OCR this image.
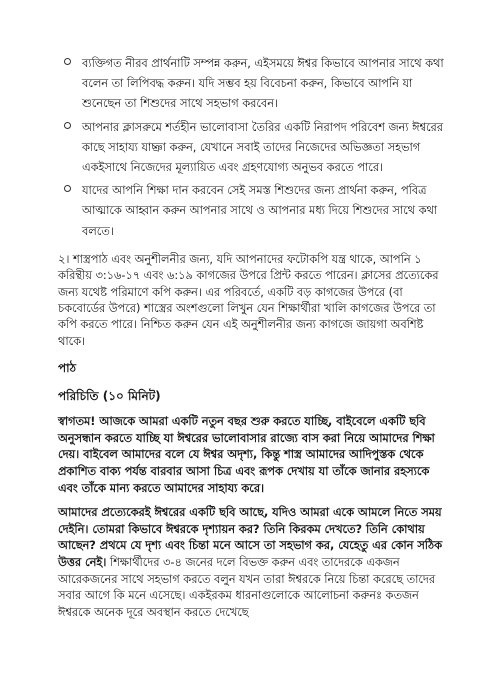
ব্যক্তিগত নীরব প্রার্থনাটি সম্পন্ন করুন, এইসময়ে ঈশ্বর কিভাবে আপনার সাথে কথা বলেন তা লিপিবদ্ধ করুন। যদি সম্ভব হয় বিবেচনা করুন, কিভাবে আপনি যা শুনেছেন তা শিশুদের সাথে সহভাগ করবেন।
আপনার ক্লাসরুমে শর্তহীন ভালোবাসা তৈরির একটি নিরাপদ পরিবেশ জন্য ঈশ্বরের কাছে সাহায্য যাচ্ঞা করুন, যেখানে সবাই তাদের নিজেদের অভিজ্ঞতা সহভাগ একইসাথে নিজেদের মূল্যায়িত এবং গ্রহণযোগ্য অনুভব করতে পারে।
যাদের আপনি শিক্ষা দান করবেন সেই সমস্ত শিশুদের জন্য প্রার্থনা করুন, পবিত্র আত্মাকে আহ্বান করুন আপনার সাথে ও আপনার মধ্য দিয়ে শিশুদের সাথে কথা বলতে।

২। শাস্ত্রপাঠ এবং অনুশীলনীর জন্য, যদি আপনাদের ফটোকপি যন্ত্র থাকে, আপনি ১ করিন্থীয় ৩:১৬-১৭ এবং ৬:১৯ কাগজের উপরে প্রিন্ট করতে পারেন। ক্লাসের প্রত্যেকের জন্য যথেষ্ট পরিমাণে কপি করুন। এর পরিবর্তে, একটি বড় কাগজের উপরে (বা চকবোর্ডের উপরে) শাস্ত্রের অংশগুলো লিখুন যেন শিক্ষার্থীরা খালি কাগজের উপরে তা কপি করতে পারে। নিশ্চিত করুন যেন এই অনুশীলনীর জন্য কাগজে জায়গা অবশিষ্ট থাকে।

পাঠ
পরিচিতি (১০ মিনিট)

স্বাগতম! আজকে আমরা একটি নতুন বছর শুরু করতে যাচ্ছি, বাইবেলে একটি ছবি অনুসন্ধান করতে যাচ্ছি যা ঈশ্বরের ভালোবাসার রাজ্যে বাস করা নিয়ে আমাদের শিক্ষা দেয়। বাইবেল আমাদের বলে যে ঈশ্বর অদৃশ্য, কিন্তু শাস্ত্র আমাদের আদিপুস্তক থেকে প্রকাশিত বাক্য পর্যন্ত বারবার আসা চিত্র এবং রূপক দেখায় যা তাঁকে জানার রহস্যকে এবং তাঁকে মান্য করতে আমাদের সাহায্য করে।

আমাদের প্রত্যেকেরই ঈশ্বরের একটি ছবি আছে, যদিও আমরা একে আমলে নিতে সময় দেইনি। তোমরা কিভাবে ঈশ্বরকে দৃশ্যায়ন কর? তিনি কিরকম দেখতে? তিনি কোথায় আছেন? প্রথমে যে দৃশ্য এবং চিন্তা মনে আসে তা সহভাগ কর, যেহেতু এর কোন সঠিক উত্তর নেই। শিক্ষার্থীদের ৩-৪ জনের দলে বিভক্ত করুন এবং তাদেরকে একজন আরেকজনের সাথে সহভাগ করতে বলুন যখন তারা ঈশ্বরকে নিয়ে চিন্তা করেছে তাদের সবার আগে কি মনে এসেছে। একইরকম ধারনাগুলোকে আলোচনা করুনঃ কতজন ঈশ্বরকে অনেক দূরে অবস্থান করতে দেখেছে
